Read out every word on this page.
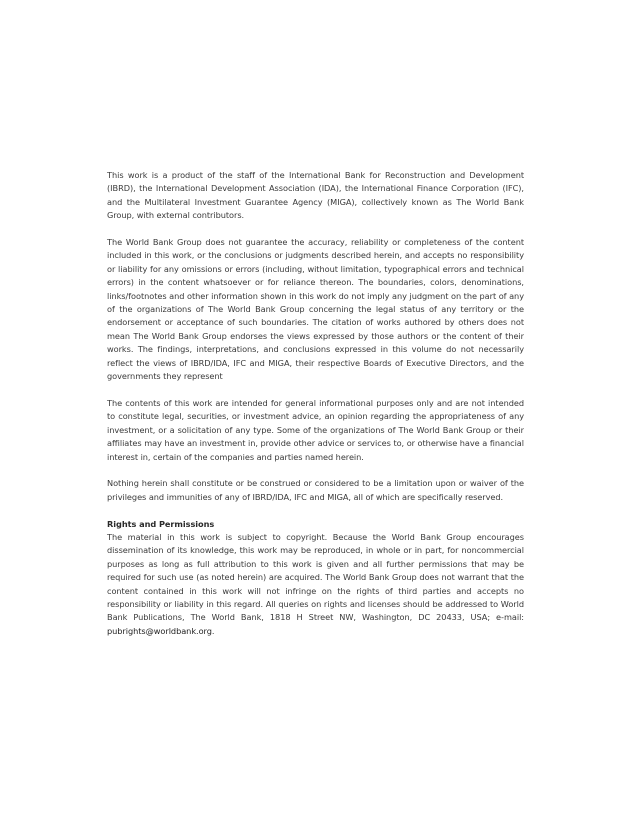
This work is a product of the staff of the International Bank for Reconstruction and Development (IBRD), the International Development Association (IDA), the International Finance Corporation (IFC), and the Multilateral Investment Guarantee Agency (MIGA), collectively known as The World Bank Group, with external contributors.

The World Bank Group does not guarantee the accuracy, reliability or completeness of the content included in this work, or the conclusions or judgments described herein, and accepts no responsibility or liability for any omissions or errors (including, without limitation, typographical errors and technical errors) in the content whatsoever or for reliance thereon. The boundaries, colors, denominations, links/footnotes and other information shown in this work do not imply any judgment on the part of any of the organizations of The World Bank Group concerning the legal status of any territory or the endorsement or acceptance of such boundaries. The citation of works authored by others does not mean The World Bank Group endorses the views expressed by those authors or the content of their works. The findings, interpretations, and conclusions expressed in this volume do not necessarily reflect the views of IBRD/IDA, IFC and MIGA, their respective Boards of Executive Directors, and the governments they represent

The contents of this work are intended for general informational purposes only and are not intended to constitute legal, securities, or investment advice, an opinion regarding the appropriateness of any investment, or a solicitation of any type. Some of the organizations of The World Bank Group or their affiliates may have an investment in, provide other advice or services to, or otherwise have a financial interest in, certain of the companies and parties named herein.

Nothing herein shall constitute or be construed or considered to be a limitation upon or waiver of the privileges and immunities of any of IBRD/IDA, IFC and MIGA, all of which are specifically reserved.

Rights and Permissions

The material in this work is subject to copyright. Because the World Bank Group encourages dissemination of its knowledge, this work may be reproduced, in whole or in part, for noncommercial purposes as long as full attribution to this work is given and all further permissions that may be required for such use (as noted herein) are acquired. The World Bank Group does not warrant that the content contained in this work will not infringe on the rights of third parties and accepts no responsibility or liability in this regard. All queries on rights and licenses should be addressed to World Bank Publications, The World Bank, 1818 H Street NW, Washington, DC 20433, USA; e-mail: pubrights@worldbank.org.
